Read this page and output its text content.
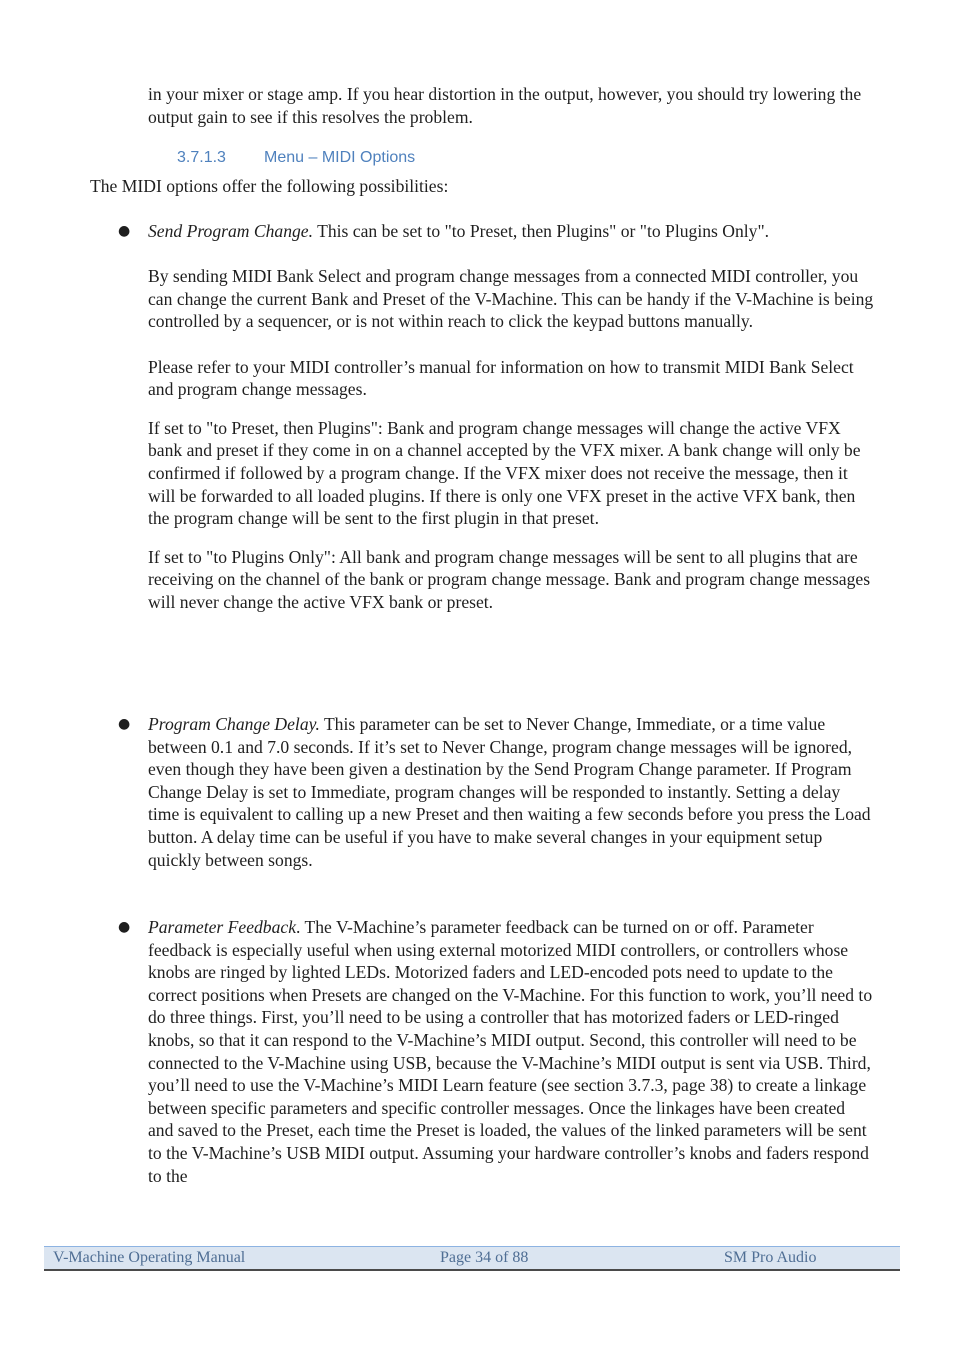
in your mixer or stage amp. If you hear distortion in the output, however, you should try lowering the output gain to see if this resolves the problem.

3.7.1.3 Menu – MIDI Options

The MIDI options offer the following possibilities:

● Send Program Change. This can be set to "to Preset, then Plugins" or "to Plugins Only".

By sending MIDI Bank Select and program change messages from a connected MIDI controller, you can change the current Bank and Preset of the V-Machine. This can be handy if the V-Machine is being controlled by a sequencer, or is not within reach to click the keypad buttons manually.

Please refer to your MIDI controller’s manual for information on how to transmit MIDI Bank Select and program change messages.

If set to "to Preset, then Plugins": Bank and program change messages will change the active VFX bank and preset if they come in on a channel accepted by the VFX mixer. A bank change will only be confirmed if followed by a program change. If the VFX mixer does not receive the message, then it will be forwarded to all loaded plugins. If there is only one VFX preset in the active VFX bank, then the program change will be sent to the first plugin in that preset.

If set to "to Plugins Only": All bank and program change messages will be sent to all plugins that are receiving on the channel of the bank or program change message. Bank and program change messages will never change the active VFX bank or preset.

● Program Change Delay. This parameter can be set to Never Change, Immediate, or a time value between 0.1 and 7.0 seconds. If it’s set to Never Change, program change messages will be ignored, even though they have been given a destination by the Send Program Change parameter. If Program Change Delay is set to Immediate, program changes will be responded to instantly. Setting a delay time is equivalent to calling up a new Preset and then waiting a few seconds before you press the Load button. A delay time can be useful if you have to make several changes in your equipment setup quickly between songs.

● Parameter Feedback. The V-Machine’s parameter feedback can be turned on or off. Parameter feedback is especially useful when using external motorized MIDI controllers, or controllers whose knobs are ringed by lighted LEDs. Motorized faders and LED-encoded pots need to update to the correct positions when Presets are changed on the V-Machine. For this function to work, you’ll need to do three things. First, you’ll need to be using a controller that has motorized faders or LED-ringed knobs, so that it can respond to the V-Machine’s MIDI output. Second, this controller will need to be connected to the V-Machine using USB, because the V-Machine’s MIDI output is sent via USB. Third, you’ll need to use the V-Machine’s MIDI Learn feature (see section 3.7.3, page 38) to create a linkage between specific parameters and specific controller messages. Once the linkages have been created and saved to the Preset, each time the Preset is loaded, the values of the linked parameters will be sent to the V-Machine’s USB MIDI output. Assuming your hardware controller’s knobs and faders respond to the

V-Machine Operating Manual	Page 34 of 88	SM Pro Audio
